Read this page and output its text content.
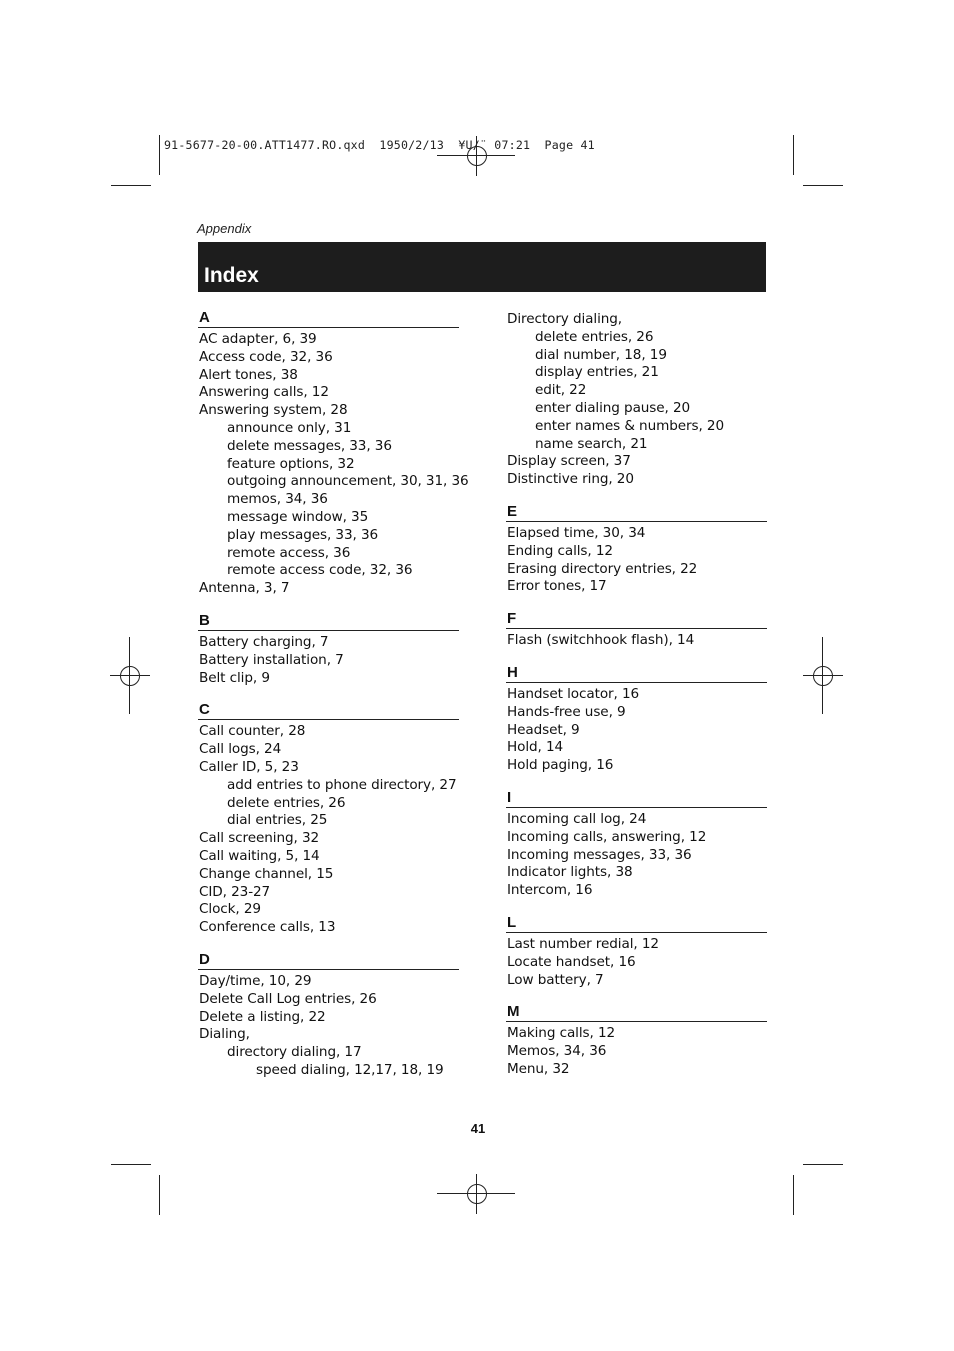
91-5677-20-00.ATT1477.RO.qxd  1950/2/13  ¥U/¨ 07:21  Page 41
Appendix
Index
A
AC adapter, 6, 39
Access code, 32, 36
Alert tones, 38
Answering calls, 12
Answering system, 28
announce only, 31
delete messages, 33, 36
feature options, 32
outgoing announcement, 30, 31, 36
memos, 34, 36
message window, 35
play messages, 33, 36
remote access, 36
remote access code, 32, 36
Antenna, 3, 7
B
Battery charging, 7
Battery installation, 7
Belt clip, 9
C
Call counter, 28
Call logs, 24
Caller ID, 5, 23
add entries to phone directory, 27
delete entries, 26
dial entries, 25
Call screening, 32
Call waiting, 5, 14
Change channel, 15
CID, 23-27
Clock, 29
Conference calls, 13
D
Day/time, 10, 29
Delete Call Log entries, 26
Delete a listing, 22
Dialing,
directory dialing, 17
speed dialing, 12,17, 18, 19
Directory dialing,
delete entries, 26
dial number, 18, 19
display entries, 21
edit, 22
enter dialing pause, 20
enter names & numbers, 20
name search, 21
Display screen, 37
Distinctive ring, 20
E
Elapsed time, 30, 34
Ending calls, 12
Erasing directory entries, 22
Error tones, 17
F
Flash (switchhook flash), 14
H
Handset locator, 16
Hands-free use, 9
Headset, 9
Hold, 14
Hold paging, 16
I
Incoming call log, 24
Incoming calls, answering, 12
Incoming messages, 33, 36
Indicator lights, 38
Intercom, 16
L
Last number redial, 12
Locate handset, 16
Low battery, 7
M
Making calls, 12
Memos, 34, 36
Menu, 32
41
